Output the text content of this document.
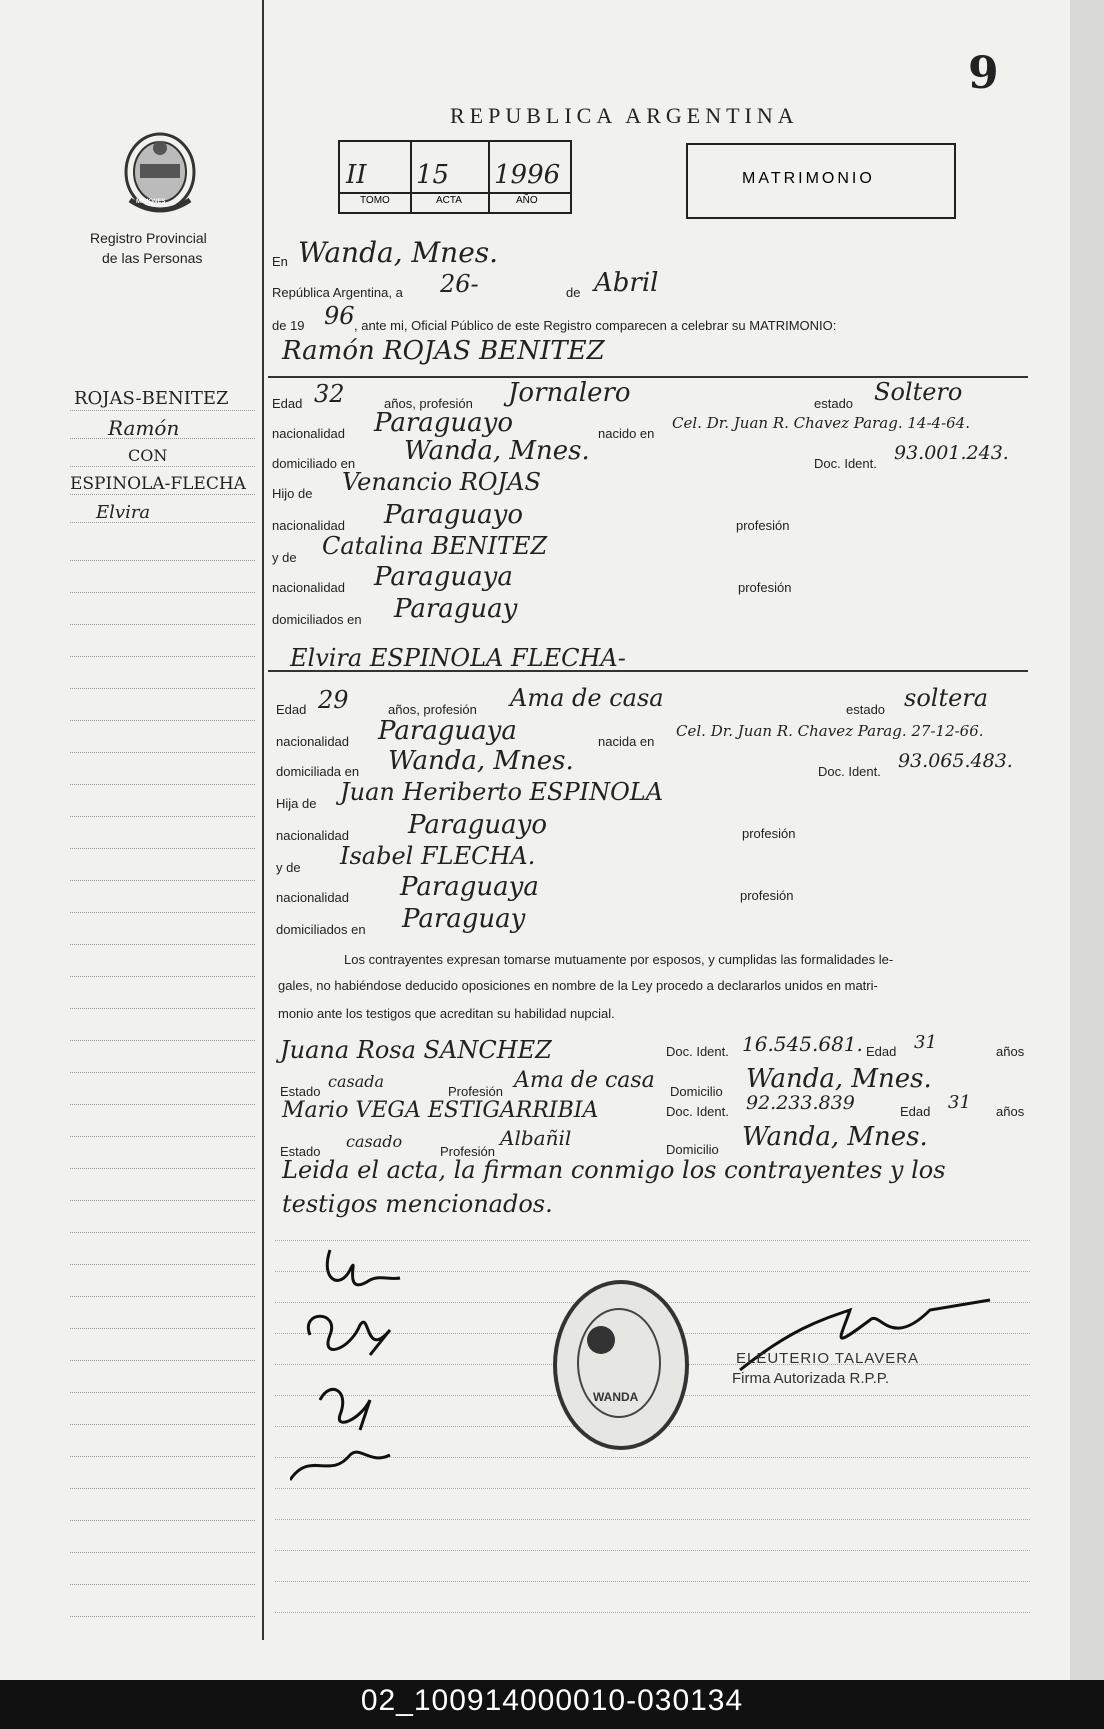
9
MISIONES
Registro Provincial
de las Personas
REPUBLICA ARGENTINA
II 15 1996
TOMO	ACTA	AÑO
MATRIMONIO
ROJAS-BENITEZ
Ramón
CON
ESPINOLA-FLECHA
Elvira
En Wanda, Mnes.
República Argentina, a 26-	de Abril
de 19 96 , ante mi, Oficial Público de este Registro comparecen a celebrar su MATRIMONIO:
Ramón ROJAS BENITEZ
Edad 32	años, profesión Jornalero	estado Soltero
nacionalidad Paraguayo	nacido en
Cel. Dr. Juan R. Chavez Parag. 14-4-64.
domiciliado en Wanda, Mnes.	Doc. Ident. 93.001.243.
Hijo de Venancio ROJAS
nacionalidad Paraguayo	profesión
y de Catalina BENITEZ
nacionalidad Paraguaya	profesión
domiciliados en Paraguay
Elvira ESPINOLA FLECHA-
Edad 29	años, profesión Ama de casa	estado soltera
nacionalidad Paraguaya	nacida en
Cel. Dr. Juan R. Chavez Parag. 27-12-66.
domiciliada en Wanda, Mnes.	Doc. Ident. 93.065.483.
Hija de Juan Heriberto ESPINOLA
nacionalidad Paraguayo	profesión
y de Isabel FLECHA.
nacionalidad Paraguaya	profesión
domiciliados en Paraguay
Los contrayentes expresan tomarse mutuamente por esposos, y cumplidas las formalidades le-
gales, no habiéndose deducido oposiciones en nombre de la Ley procedo a declararlos unidos en matri-
monio ante los testigos que acreditan su habilidad nupcial.
Juana Rosa SANCHEZ	Doc. Ident. 16.545.681. Edad 31	años
Estado
casada
Profesión Ama de casa Domicilio Wanda, Mnes.
Mario VEGA ESTIGARRIBIA	Doc. Ident. 92.233.839	Edad 31 años
Estado
casado
Profesión
Albañil	Domicilio Wanda, Mnes.
Leida el acta, la firman conmigo los contrayentes y los
testigos mencionados.
WANDA
ELEUTERIO TALAVERA
Firma Autorizada R.P.P.
02_100914000010-030134
